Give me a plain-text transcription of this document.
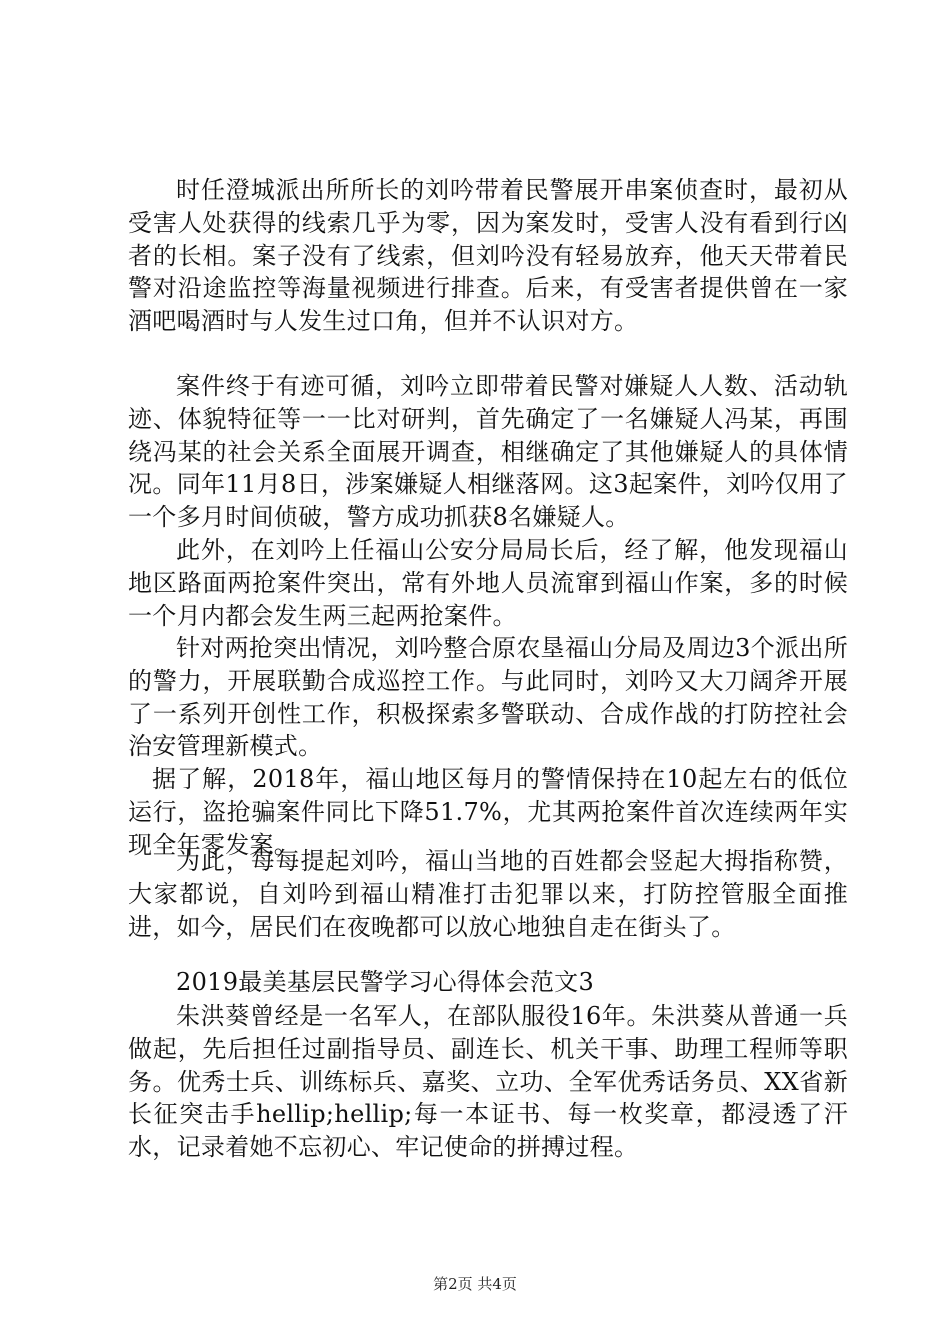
时任澄城派出所所长的刘吟带着民警展开串案侦查时，最初从受害人处获得的线索几乎为零，因为案发时，受害人没有看到行凶者的长相。案子没有了线索，但刘吟没有轻易放弃，他天天带着民警对沿途监控等海量视频进行排查。后来，有受害者提供曾在一家酒吧喝酒时与人发生过口角，但并不认识对方。

案件终于有迹可循，刘吟立即带着民警对嫌疑人人数、活动轨迹、体貌特征等一一比对研判，首先确定了一名嫌疑人冯某，再围绕冯某的社会关系全面展开调查，相继确定了其他嫌疑人的具体情况。同年11月8日，涉案嫌疑人相继落网。这3起案件，刘吟仅用了一个多月时间侦破，警方成功抓获8名嫌疑人。

此外，在刘吟上任福山公安分局局长后，经了解，他发现福山地区路面两抢案件突出，常有外地人员流窜到福山作案，多的时候一个月内都会发生两三起两抢案件。

针对两抢突出情况，刘吟整合原农垦福山分局及周边3个派出所的警力，开展联勤合成巡控工作。与此同时，刘吟又大刀阔斧开展了一系列开创性工作，积极探索多警联动、合成作战的打防控社会治安管理新模式。

据了解，2018年，福山地区每月的警情保持在10起左右的低位运行，盗抢骗案件同比下降51.7%，尤其两抢案件首次连续两年实现全年零发案。

为此，每每提起刘吟，福山当地的百姓都会竖起大拇指称赞，大家都说，自刘吟到福山精准打击犯罪以来，打防控管服全面推进，如今，居民们在夜晚都可以放心地独自走在街头了。

2019最美基层民警学习心得体会范文3

朱洪葵曾经是一名军人，在部队服役16年。朱洪葵从普通一兵做起，先后担任过副指导员、副连长、机关干事、助理工程师等职务。优秀士兵、训练标兵、嘉奖、立功、全军优秀话务员、XX省新长征突击手hellip;hellip;每一本证书、每一枚奖章，都浸透了汗水，记录着她不忘初心、牢记使命的拼搏过程。

第2页 共4页
